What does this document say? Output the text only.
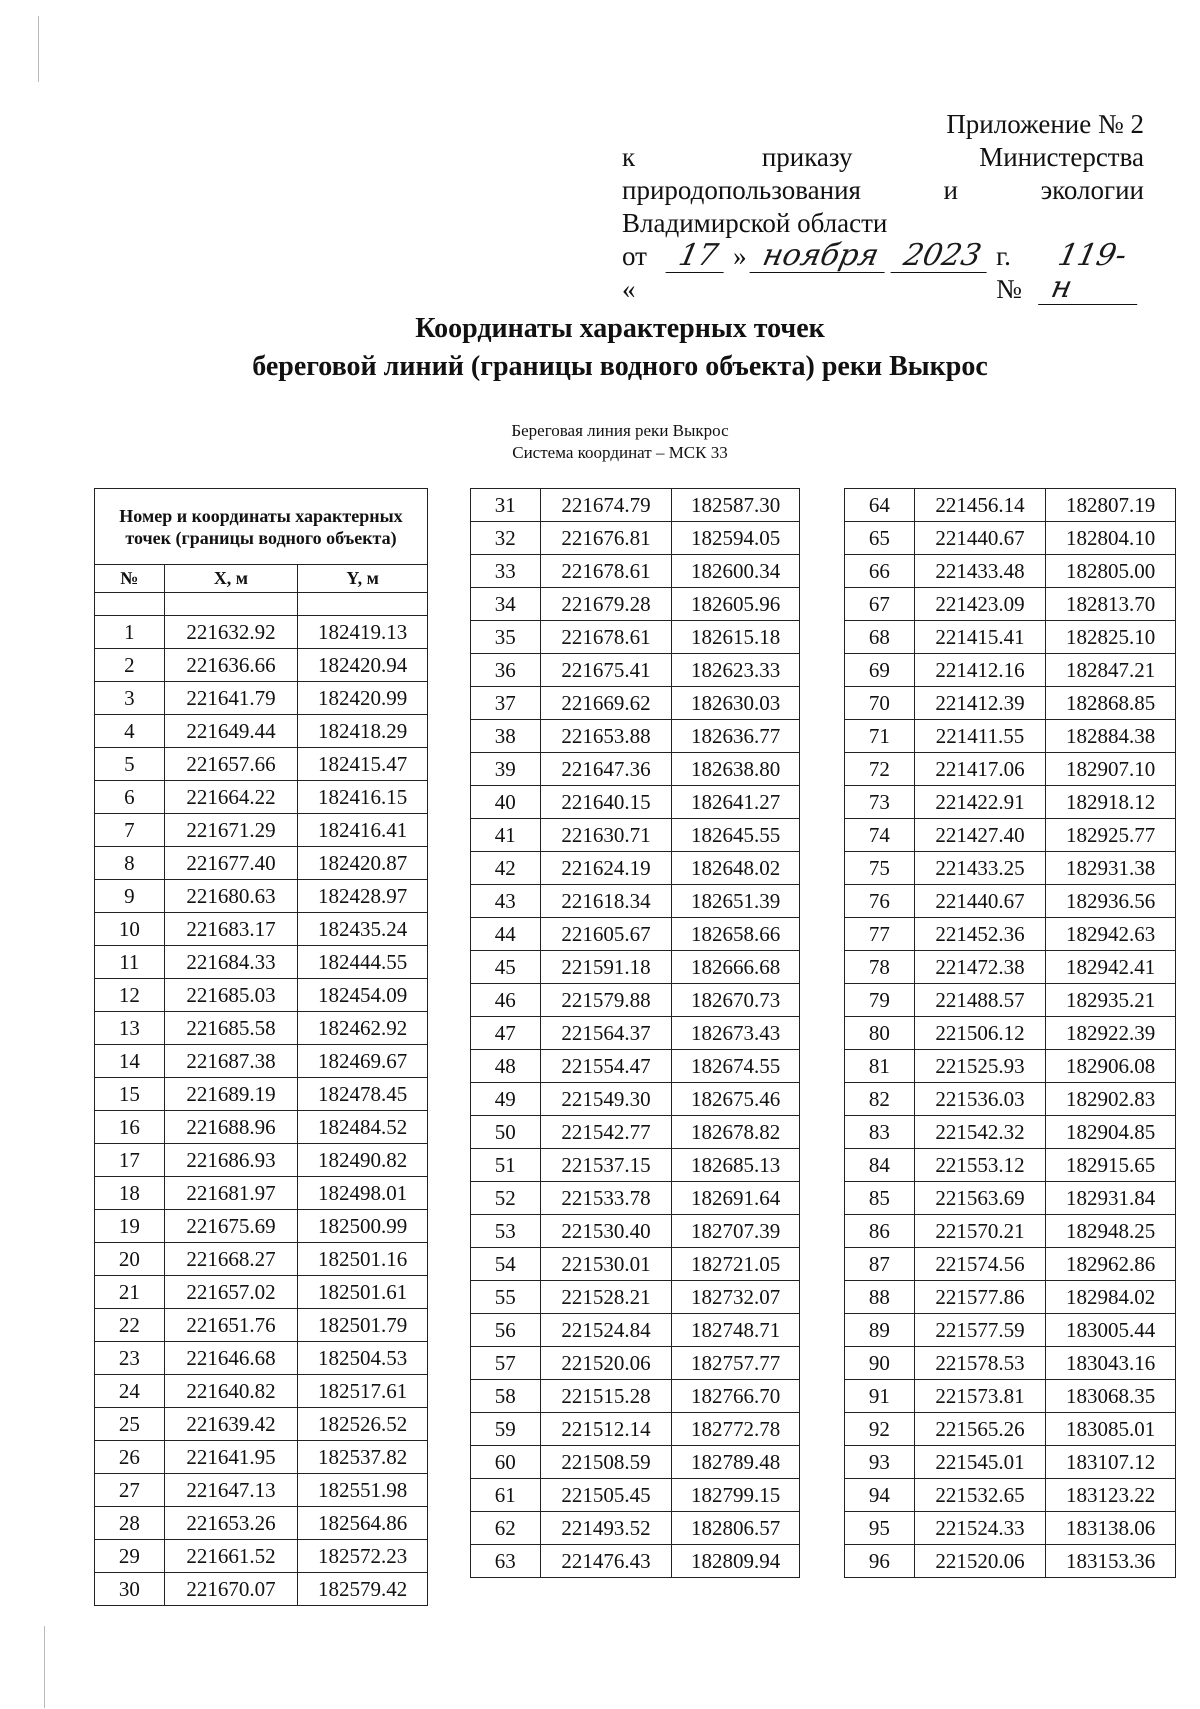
Приложение № 2
к	приказу	Министерства
природопользования	и	экологии
Владимирской области
от «
17 » ноября 2023 г. №
119-н
Координаты характерных точек
береговой линий (границы водного объекта) реки Выкрос
Береговая линия реки Выкрос
Система координат – МСК 33
Номер и координаты характерных точек (границы водного объекта)		
№	X, м	Y, м

1	221632.92	182419.13
2	221636.66	182420.94
3	221641.79	182420.99
4	221649.44	182418.29
5	221657.66	182415.47
6	221664.22	182416.15
7	221671.29	182416.41
8	221677.40	182420.87
9	221680.63	182428.97
10	221683.17	182435.24
11	221684.33	182444.55
12	221685.03	182454.09
13	221685.58	182462.92
14	221687.38	182469.67
15	221689.19	182478.45
16	221688.96	182484.52
17	221686.93	182490.82
18	221681.97	182498.01
19	221675.69	182500.99
20	221668.27	182501.16
21	221657.02	182501.61
22	221651.76	182501.79
23	221646.68	182504.53
24	221640.82	182517.61
25	221639.42	182526.52
26	221641.95	182537.82
27	221647.13	182551.98
28	221653.26	182564.86
29	221661.52	182572.23
30	221670.07	182579.42
31	221674.79	182587.30
32	221676.81	182594.05
33	221678.61	182600.34
34	221679.28	182605.96
35	221678.61	182615.18
36	221675.41	182623.33
37	221669.62	182630.03
38	221653.88	182636.77
39	221647.36	182638.80
40	221640.15	182641.27
41	221630.71	182645.55
42	221624.19	182648.02
43	221618.34	182651.39
44	221605.67	182658.66
45	221591.18	182666.68
46	221579.88	182670.73
47	221564.37	182673.43
48	221554.47	182674.55
49	221549.30	182675.46
50	221542.77	182678.82
51	221537.15	182685.13
52	221533.78	182691.64
53	221530.40	182707.39
54	221530.01	182721.05
55	221528.21	182732.07
56	221524.84	182748.71
57	221520.06	182757.77
58	221515.28	182766.70
59	221512.14	182772.78
60	221508.59	182789.48
61	221505.45	182799.15
62	221493.52	182806.57
63	221476.43	182809.94
64	221456.14	182807.19
65	221440.67	182804.10
66	221433.48	182805.00
67	221423.09	182813.70
68	221415.41	182825.10
69	221412.16	182847.21
70	221412.39	182868.85
71	221411.55	182884.38
72	221417.06	182907.10
73	221422.91	182918.12
74	221427.40	182925.77
75	221433.25	182931.38
76	221440.67	182936.56
77	221452.36	182942.63
78	221472.38	182942.41
79	221488.57	182935.21
80	221506.12	182922.39
81	221525.93	182906.08
82	221536.03	182902.83
83	221542.32	182904.85
84	221553.12	182915.65
85	221563.69	182931.84
86	221570.21	182948.25
87	221574.56	182962.86
88	221577.86	182984.02
89	221577.59	183005.44
90	221578.53	183043.16
91	221573.81	183068.35
92	221565.26	183085.01
93	221545.01	183107.12
94	221532.65	183123.22
95	221524.33	183138.06
96	221520.06	183153.36
